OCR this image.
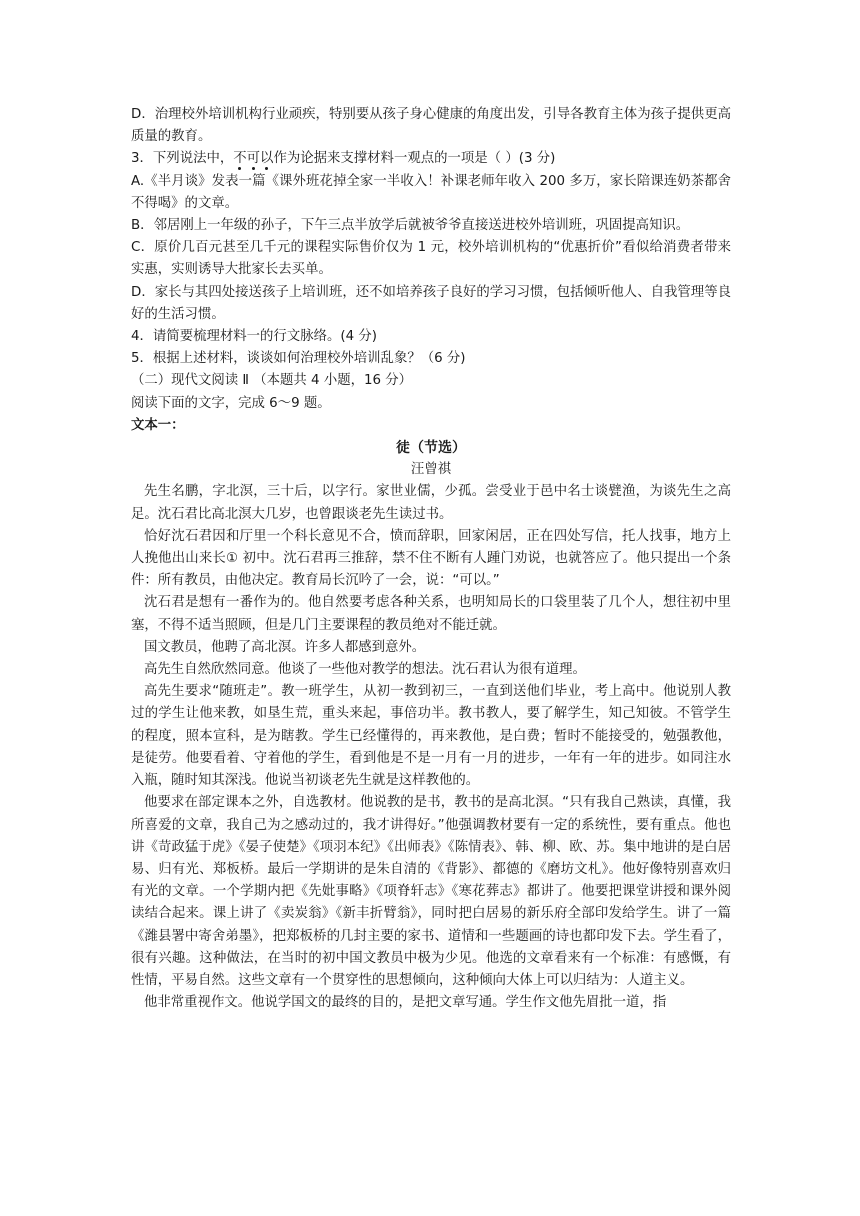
D．治理校外培训机构行业顽疾，特别要从孩子身心健康的角度出发，引导各教育主体为孩子提供更高质量的教育。

3．下列说法中，不可以作为论据来支撑材料一观点的一项是（ ）(3 分)

A.《半月谈》发表一篇《课外班花掉全家一半收入！补课老师年收入 200 多万，家长陪课连奶茶都舍不得喝》的文章。

B．邻居刚上一年级的孙子，下午三点半放学后就被爷爷直接送进校外培训班，巩固提高知识。

C．原价几百元甚至几千元的课程实际售价仅为 1 元，校外培训机构的“优惠折价”看似给消费者带来实惠，实则诱导大批家长去买单。

D．家长与其四处接送孩子上培训班，还不如培养孩子良好的学习习惯，包括倾听他人、自我管理等良好的生活习惯。

4．请简要梳理材料一的行文脉络。(4 分)

5．根据上述材料，谈谈如何治理校外培训乱象？（6 分)

（二）现代文阅读 Ⅱ （本题共 4 小题，16 分）

阅读下面的文字，完成 6～9 题。

文本一：

徒（节选）

汪曾祺

先生名鹏，字北溟，三十后，以字行。家世业儒，少孤。尝受业于邑中名士谈甓渔，为谈先生之高足。沈石君比高北溟大几岁，也曾跟谈老先生读过书。

恰好沈石君因和厅里一个科长意见不合，愤而辞职，回家闲居，正在四处写信，托人找事，地方上人挽他出山来长① 初中。沈石君再三推辞，禁不住不断有人踵门劝说，也就答应了。他只提出一个条件：所有教员，由他决定。教育局长沉吟了一会，说：“可以。”

沈石君是想有一番作为的。他自然要考虑各种关系，也明知局长的口袋里装了几个人，想往初中里塞，不得不适当照顾，但是几门主要课程的教员绝对不能迁就。

国文教员，他聘了高北溟。许多人都感到意外。

高先生自然欣然同意。他谈了一些他对教学的想法。沈石君认为很有道理。

高先生要求“随班走”。教一班学生，从初一教到初三，一直到送他们毕业，考上高中。他说别人教过的学生让他来教，如垦生荒，重头来起，事倍功半。教书教人，要了解学生，知己知彼。不管学生的程度，照本宣科，是为瞎教。学生已经懂得的，再来教他，是白费；暂时不能接受的，勉强教他，是徒劳。他要看着、守着他的学生，看到他是不是一月有一月的进步，一年有一年的进步。如同注水入瓶，随时知其深浅。他说当初谈老先生就是这样教他的。

他要求在部定课本之外，自选教材。他说教的是书，教书的是高北溟。“只有我自己熟读，真懂，我所喜爱的文章，我自己为之感动过的，我才讲得好。”他强调教材要有一定的系统性，要有重点。他也讲《苛政猛于虎》《晏子使楚》《项羽本纪》《出师表》《陈情表》、韩、柳、欧、苏。集中地讲的是白居易、归有光、郑板桥。最后一学期讲的是朱自清的《背影》、都德的《磨坊文札》。他好像特别喜欢归有光的文章。一个学期内把《先妣事略》《项脊轩志》《寒花葬志》都讲了。他要把课堂讲授和课外阅读结合起来。课上讲了《卖炭翁》《新丰折臂翁》，同时把白居易的新乐府全部印发给学生。讲了一篇《潍县署中寄舍弟墨》，把郑板桥的几封主要的家书、道情和一些题画的诗也都印发下去。学生看了，很有兴趣。这种做法，在当时的初中国文教员中极为少见。他选的文章看来有一个标准：有感慨，有性情，平易自然。这些文章有一个贯穿性的思想倾向，这种倾向大体上可以归结为：人道主义。

他非常重视作文。他说学国文的最终的目的，是把文章写通。学生作文他先眉批一道，指
